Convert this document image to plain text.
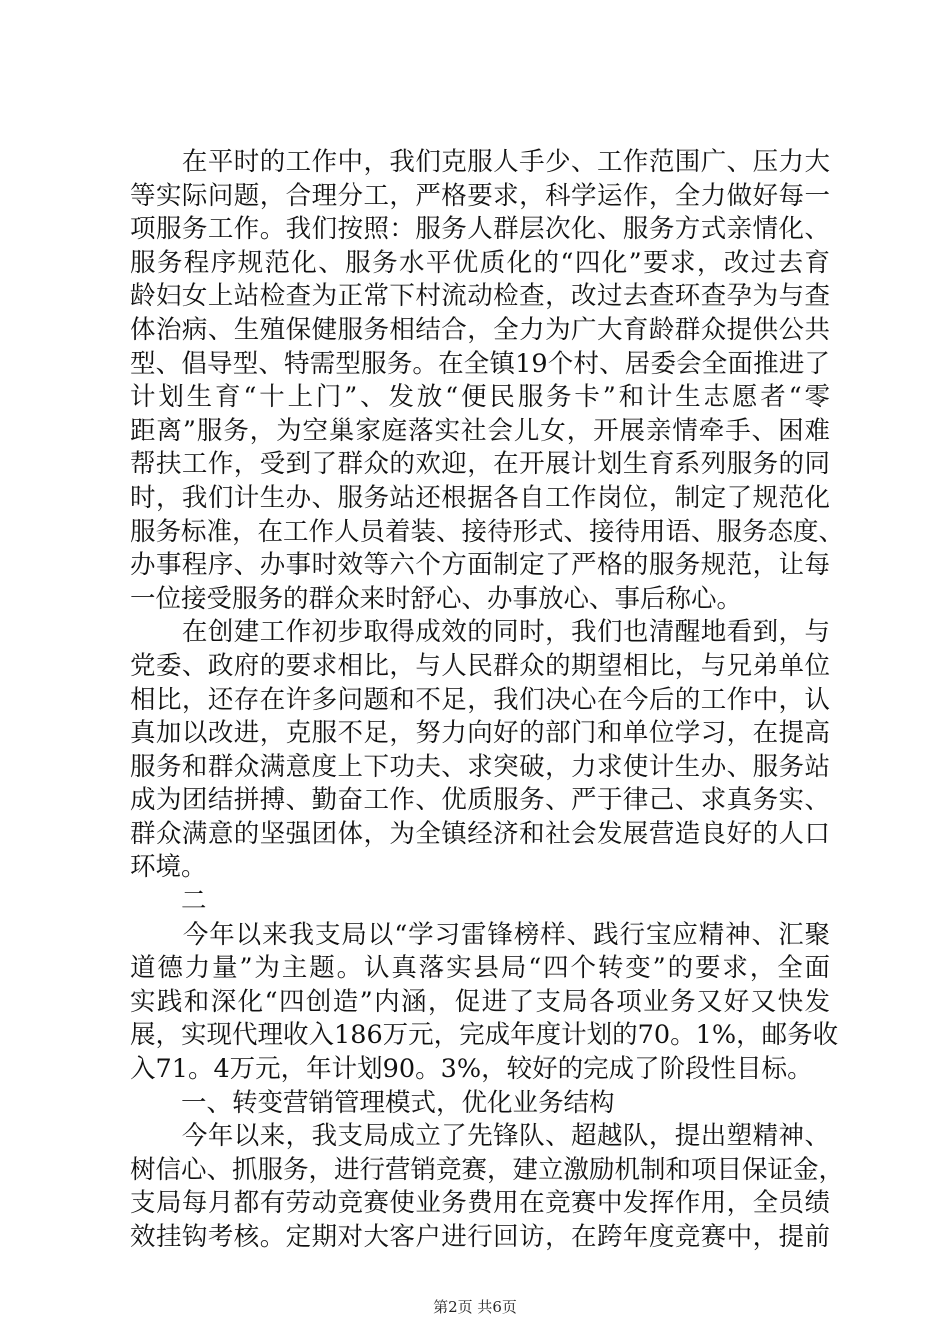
　　在平时的工作中，我们克服人手少、工作范围广、压力大
等实际问题，合理分工，严格要求，科学运作，全力做好每一
项服务工作。我们按照：服务人群层次化、服务方式亲情化、
服务程序规范化、服务水平优质化的“四化”要求，改过去育
龄妇女上站检查为正常下村流动检查，改过去查环查孕为与查
体治病、生殖保健服务相结合，全力为广大育龄群众提供公共
型、倡导型、特需型服务。在全镇19个村、居委会全面推进了
计划生育“十上门”、发放“便民服务卡”和计生志愿者“零
距离”服务，为空巢家庭落实社会儿女，开展亲情牵手、困难
帮扶工作，受到了群众的欢迎，在开展计划生育系列服务的同
时，我们计生办、服务站还根据各自工作岗位，制定了规范化
服务标准，在工作人员着装、接待形式、接待用语、服务态度、
办事程序、办事时效等六个方面制定了严格的服务规范，让每
一位接受服务的群众来时舒心、办事放心、事后称心。
　　在创建工作初步取得成效的同时，我们也清醒地看到，与
党委、政府的要求相比，与人民群众的期望相比，与兄弟单位
相比，还存在许多问题和不足，我们决心在今后的工作中，认
真加以改进，克服不足，努力向好的部门和单位学习，在提高
服务和群众满意度上下功夫、求突破，力求使计生办、服务站
成为团结拼搏、勤奋工作、优质服务、严于律己、求真务实、
群众满意的坚强团体，为全镇经济和社会发展营造良好的人口
环境。
　　二
　　今年以来我支局以“学习雷锋榜样、践行宝应精神、汇聚
道德力量”为主题。认真落实县局“四个转变”的要求，全面
实践和深化“四创造”内涵，促进了支局各项业务又好又快发
展，实现代理收入186万元，完成年度计划的70。1%，邮务收
入71。4万元，年计划90。3%，较好的完成了阶段性目标。
　　一、转变营销管理模式，优化业务结构
　　今年以来，我支局成立了先锋队、超越队，提出塑精神、
树信心、抓服务，进行营销竞赛，建立激励机制和项目保证金，
支局每月都有劳动竞赛使业务费用在竞赛中发挥作用，全员绩
效挂钩考核。定期对大客户进行回访，在跨年度竞赛中，提前
第2页 共6页
